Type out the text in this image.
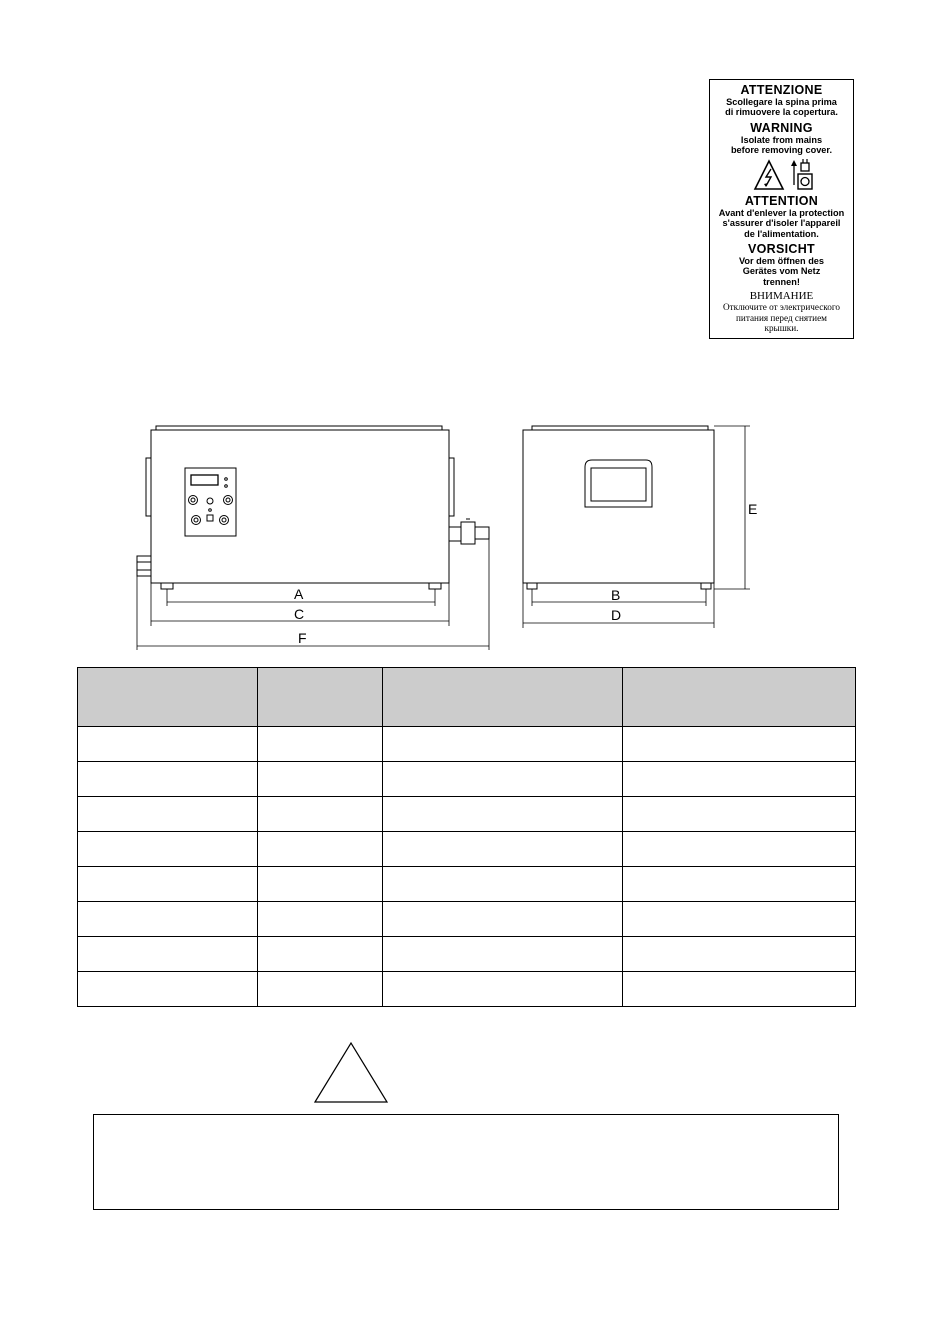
ATTENZIONE
Scollegare la spina prima
di rimuovere la copertura.
WARNING
Isolate from mains
before removing cover.
ATTENTION
Avant d'enlever la protection
s'assurer d'isoler l'appareil
de l'alimentation.
VORSICHT
Vor dem öffnen des
Gerätes vom Netz
trennen!
ВНИМАНИЕ
Отключите от электрического
питания перед снятием
крышки.
A
C
F
B
D
E
